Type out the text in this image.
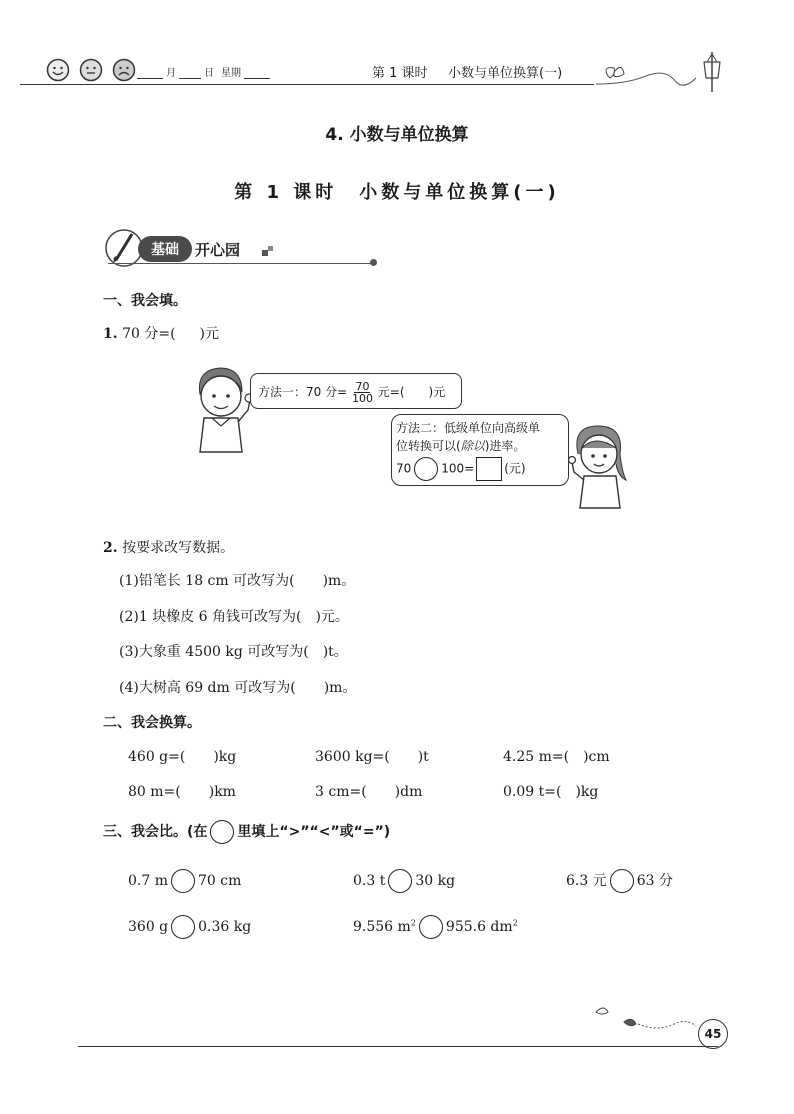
月	日 星期	第 1 课时 小数与单位换算(一)
4. 小数与单位换算
第 1 课时　小数与单位换算(一)
基础	开心园
一、我会填。
1. 70 分=( )元
方法一：70 分= $\frac{70}{100}$ 元=(　　)元
方法二：低级单位向高级单
位转换可以(除以)进率。
70	100=	(元)
2. 按要求改写数据。
(1)铅笔长 18 cm 可改写为(　　)m。
(2)1 块橡皮 6 角钱可改写为(　)元。
(3)大象重 4500 kg 可改写为(　)t。
(4)大树高 69 dm 可改写为(　　)m。
二、我会换算。
460 g=(　　)kg	3600 kg=(　　)t	4.25 m=(　)cm
80 m=(　　)km	3 cm=(　　)dm	0.09 t=(　)kg
三、我会比。(在 里填上“>”“<”或“=”)
0.7 m 70 cm	0.3 t 30 kg	6.3 元 63 分
360 g 0.36 kg	9.556 $m^2$ 955.6 $dm^2$
45
